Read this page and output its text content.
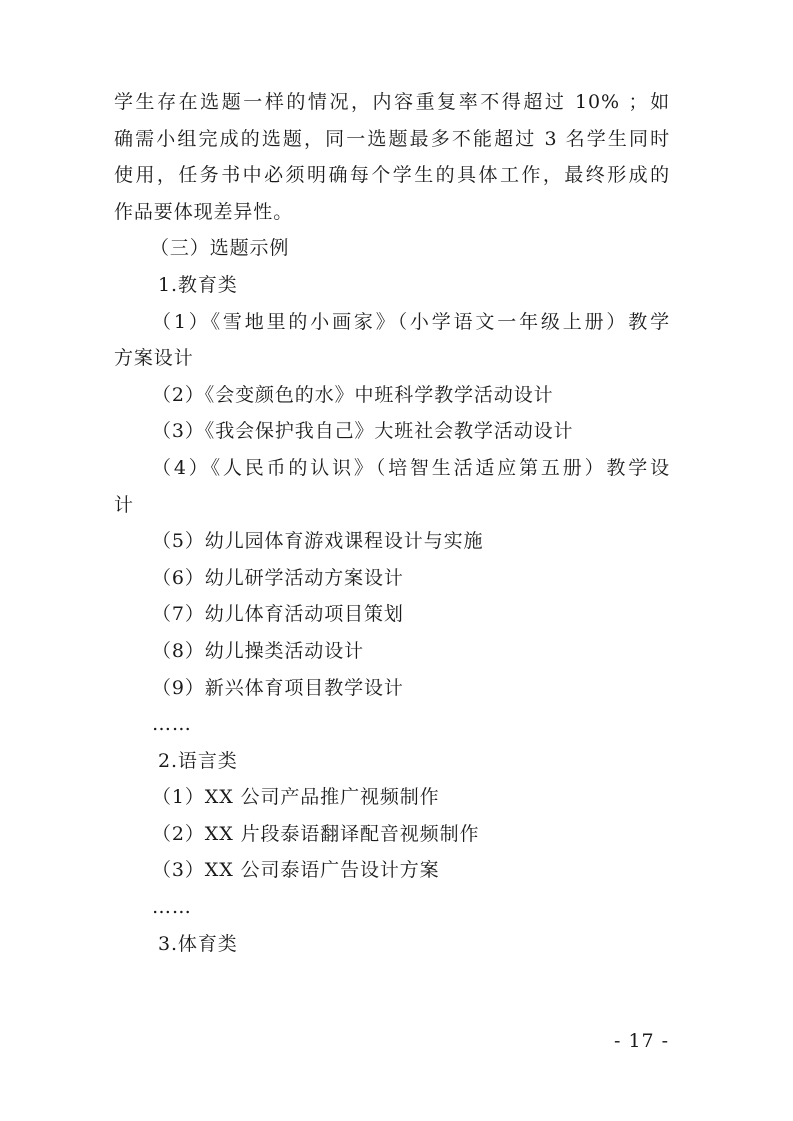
学生存在选题一样的情况，内容重复率不得超过 10% ；如
确需小组完成的选题，同一选题最多不能超过 3 名学生同时
使用，任务书中必须明确每个学生的具体工作，最终形成的
作品要体现差异性。
（三）选题示例
1.教育类
（1）《雪地里的小画家》（小学语文一年级上册）教学
方案设计
（2）《会变颜色的水》中班科学教学活动设计
（3）《我会保护我自己》大班社会教学活动设计
（4）《人民币的认识》（培智生活适应第五册）教学设
计
（5）幼儿园体育游戏课程设计与实施
（6）幼儿研学活动方案设计
（7）幼儿体育活动项目策划
（8）幼儿操类活动设计
（9）新兴体育项目教学设计
……
2.语言类
（1）XX 公司产品推广视频制作
（2）XX 片段泰语翻译配音视频制作
（3）XX 公司泰语广告设计方案
……
3.体育类
- 17 -
